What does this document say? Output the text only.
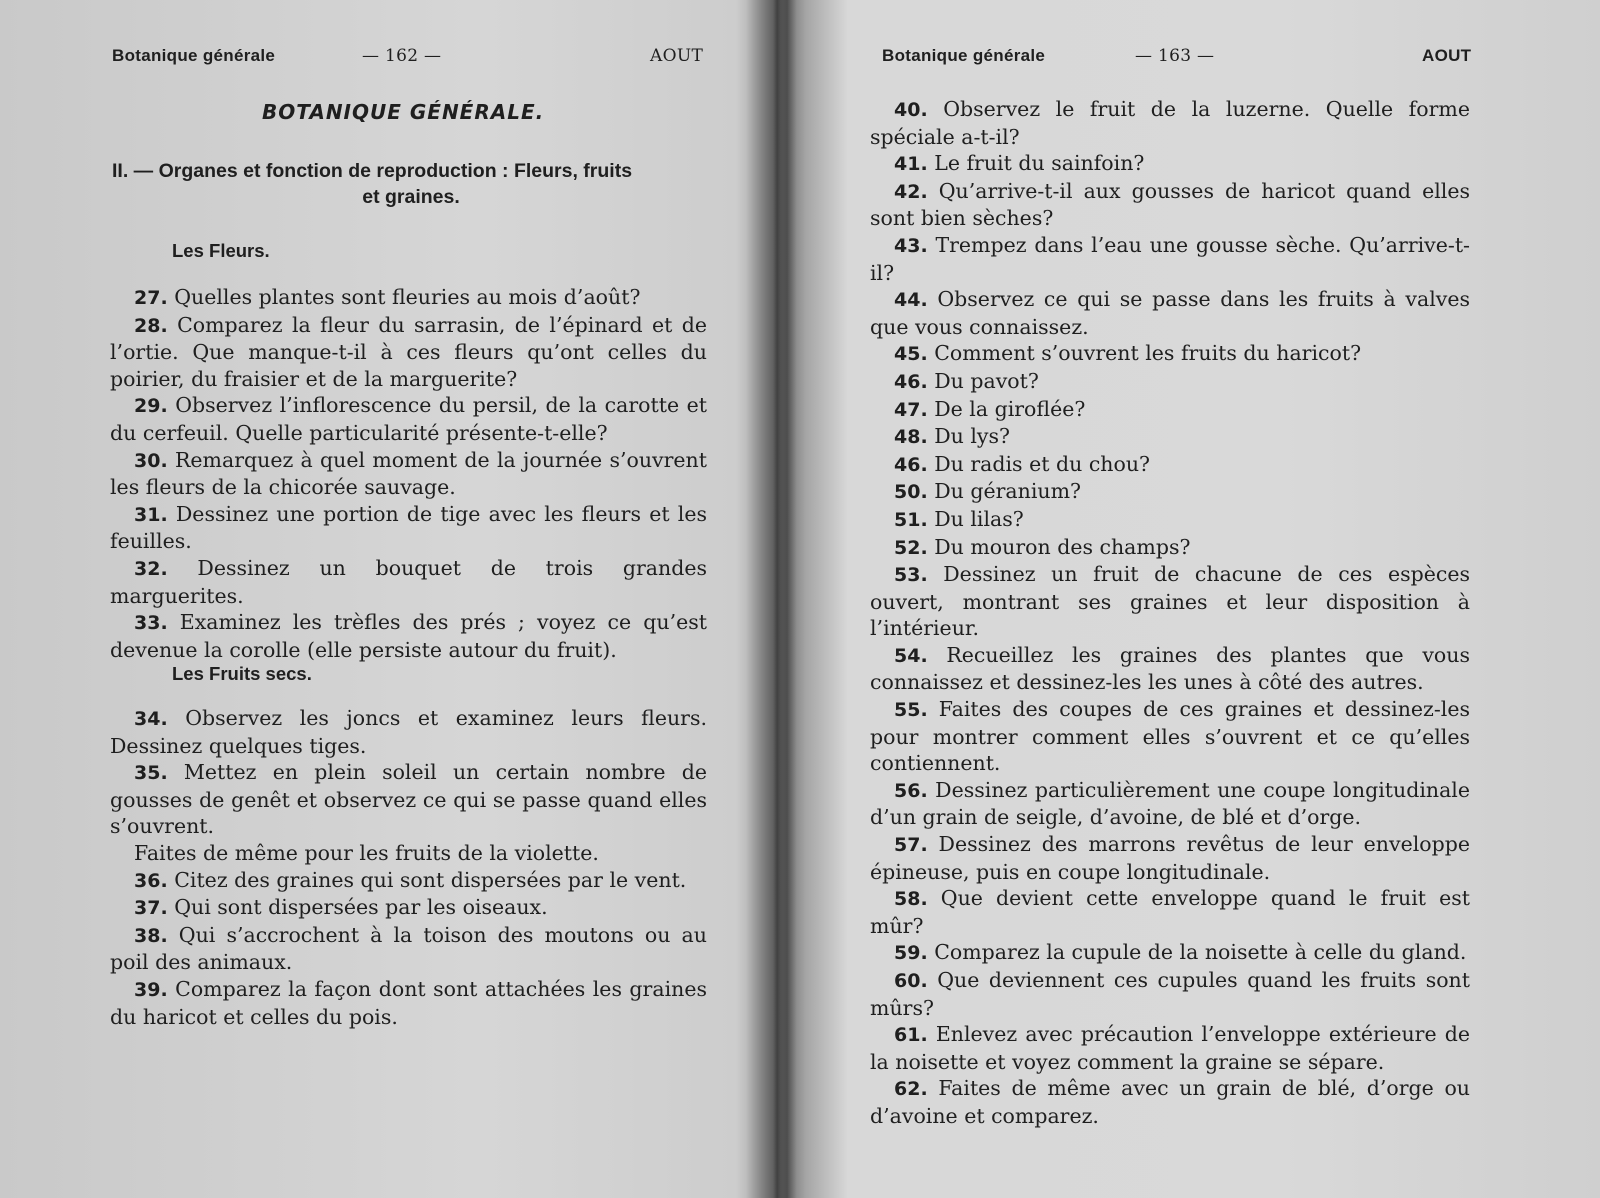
Botanique générale	— 162 —	AOUT
BOTANIQUE GÉNÉRALE.
II. — Organes et fonction de reproduction : Fleurs, fruits
et graines.
Les Fleurs.

27. Quelles plantes sont fleuries au mois d’août?

28. Comparez la fleur du sarrasin, de l’épinard et de l’ortie. Que manque-t-il à ces fleurs qu’ont celles du poirier, du fraisier et de la marguerite?

29. Observez l’inflorescence du persil, de la carotte et du cerfeuil. Quelle particularité présente-t-elle?

30. Remarquez à quel moment de la journée s’ouvrent les fleurs de la chicorée sauvage.

31. Dessinez une portion de tige avec les fleurs et les feuilles.

32. Dessinez un bouquet de trois grandes marguerites.

33. Examinez les trèfles des prés ; voyez ce qu’est devenue la corolle (elle persiste autour du fruit).

Les Fruits secs.

34. Observez les joncs et examinez leurs fleurs. Dessinez quelques tiges.

35. Mettez en plein soleil un certain nombre de gousses de genêt et observez ce qui se passe quand elles s’ouvrent.

Faites de même pour les fruits de la violette.

36. Citez des graines qui sont dispersées par le vent.

37. Qui sont dispersées par les oiseaux.

38. Qui s’accrochent à la toison des moutons ou au poil des animaux.

39. Comparez la façon dont sont attachées les graines du haricot et celles du pois.

Botanique générale	— 163 —	AOUT

40. Observez le fruit de la luzerne. Quelle forme spéciale a-t-il?

41. Le fruit du sainfoin?

42. Qu’arrive-t-il aux gousses de haricot quand elles sont bien sèches?

43. Trempez dans l’eau une gousse sèche. Qu’arrive-t-il?

44. Observez ce qui se passe dans les fruits à valves que vous connaissez.

45. Comment s’ouvrent les fruits du haricot?

46. Du pavot?

47. De la giroflée?

48. Du lys?

46. Du radis et du chou?

50. Du géranium?

51. Du lilas?

52. Du mouron des champs?

53. Dessinez un fruit de chacune de ces espèces ouvert, montrant ses graines et leur disposition à l’intérieur.

54. Recueillez les graines des plantes que vous connaissez et dessinez-les les unes à côté des autres.

55. Faites des coupes de ces graines et dessinez-les pour montrer comment elles s’ouvrent et ce qu’elles contiennent.

56. Dessinez particulièrement une coupe longitudinale d’un grain de seigle, d’avoine, de blé et d’orge.

57. Dessinez des marrons revêtus de leur enveloppe épineuse, puis en coupe longitudinale.

58. Que devient cette enveloppe quand le fruit est mûr?

59. Comparez la cupule de la noisette à celle du gland.

60. Que deviennent ces cupules quand les fruits sont mûrs?

61. Enlevez avec précaution l’enveloppe extérieure de la noisette et voyez comment la graine se sépare.

62. Faites de même avec un grain de blé, d’orge ou d’avoine et comparez.
